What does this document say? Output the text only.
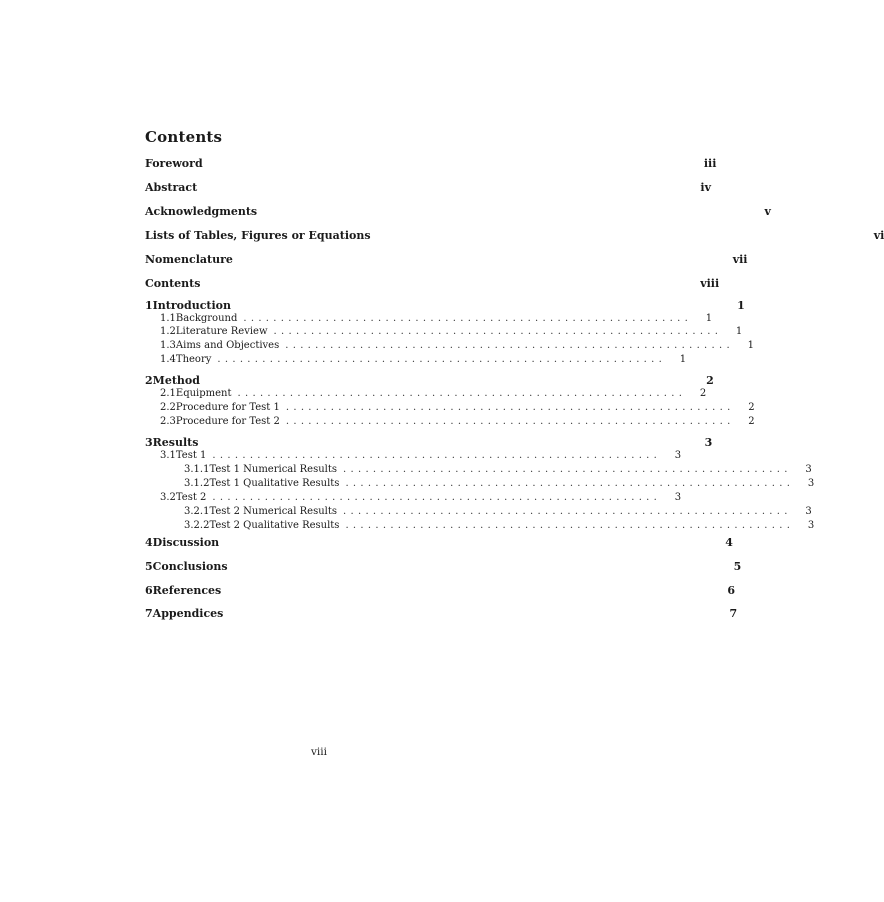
Contents
Foreword	iii
Abstract	iv
Acknowledgments	v
Lists of Tables, Figures or Equations	vi
Nomenclature	vii
Contents	viii
1 Introduction	1
1.1 Background ............................................................	1
1.2 Literature Review ............................................................	1
1.3 Aims and Objectives ............................................................	1
1.4 Theory ............................................................	1
2 Method	2
2.1 Equipment ............................................................	2
2.2 Procedure for Test 1 ............................................................	2
2.3 Procedure for Test 2 ............................................................	2
3 Results	3
3.1 Test 1 ............................................................	3
3.1.1 Test 1 Numerical Results ............................................................	3
3.1.2 Test 1 Qualitative Results ............................................................	3
3.2 Test 2 ............................................................	3
3.2.1 Test 2 Numerical Results ............................................................	3
3.2.2 Test 2 Qualitative Results ............................................................	3
4 Discussion	4
5 Conclusions	5
6 References	6
7 Appendices	7
viii
